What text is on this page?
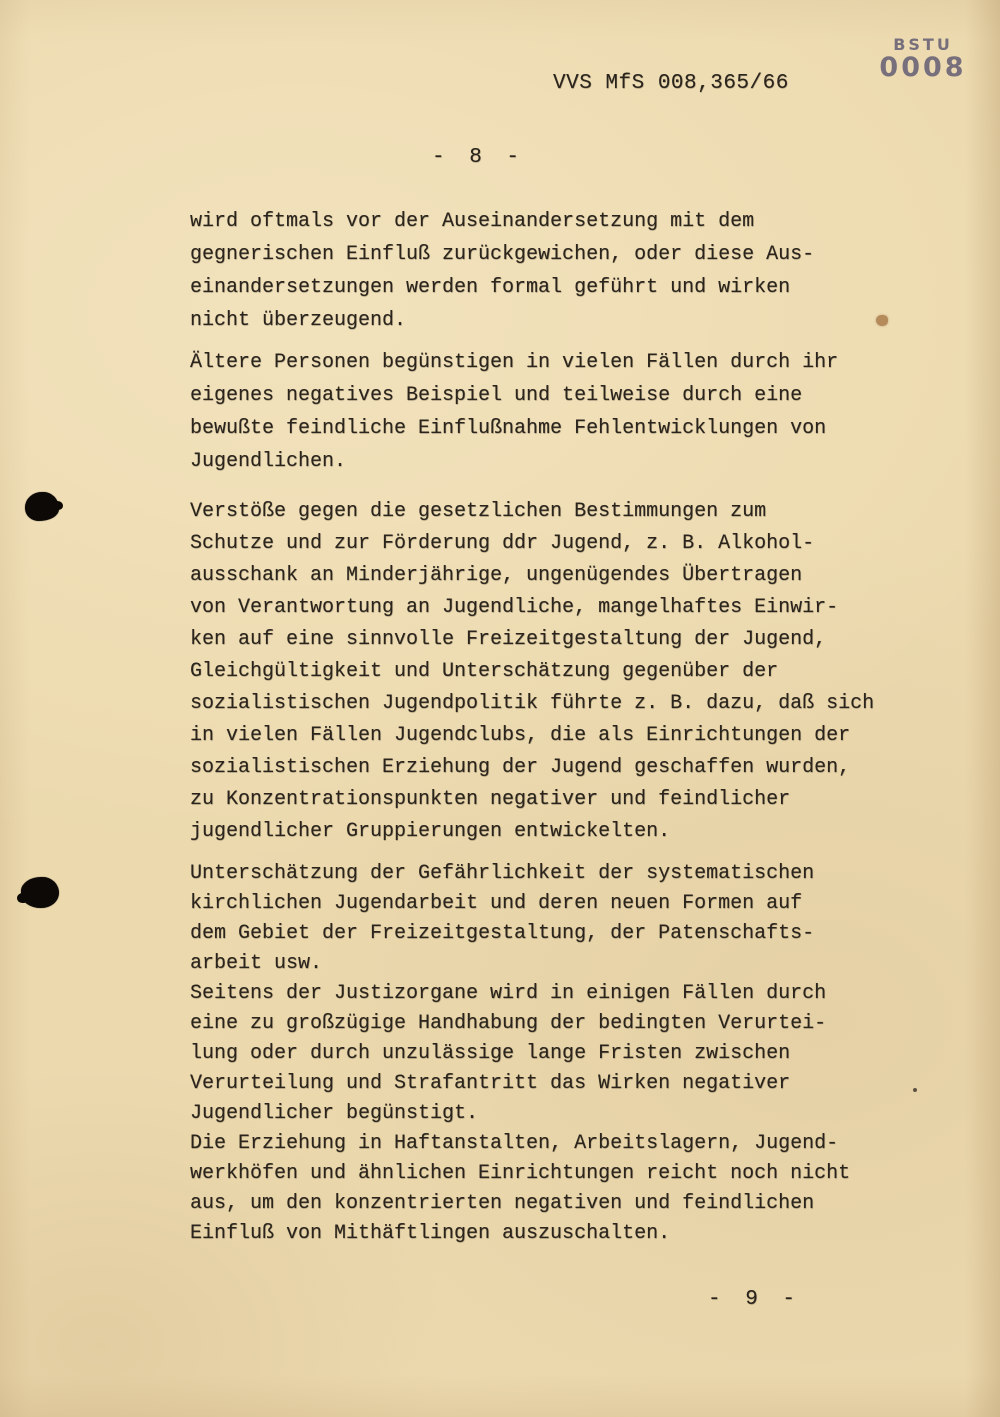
BSTU
0008
VVS MfS 008,365/66
- 8 -

wird oftmals vor der Auseinandersetzung mit dem
gegnerischen Einfluß zurückgewichen, oder diese Aus-
einandersetzungen werden formal geführt und wirken
nicht überzeugend.

Ältere Personen begünstigen in vielen Fällen durch ihr
eigenes negatives Beispiel und teilweise durch eine
bewußte feindliche Einflußnahme Fehlentwicklungen von
Jugendlichen.

Verstöße gegen die gesetzlichen Bestimmungen zum
Schutze und zur Förderung ddr Jugend, z. B. Alkohol-
ausschank an Minderjährige, ungenügendes Übertragen
von Verantwortung an Jugendliche, mangelhaftes Einwir-
ken auf eine sinnvolle Freizeitgestaltung der Jugend,
Gleichgültigkeit und Unterschätzung gegenüber der
sozialistischen Jugendpolitik führte z. B. dazu, daß sich
in vielen Fällen Jugendclubs, die als Einrichtungen der
sozialistischen Erziehung der Jugend geschaffen wurden,
zu Konzentrationspunkten negativer und feindlicher
jugendlicher Gruppierungen entwickelten.

Unterschätzung der Gefährlichkeit der systematischen
kirchlichen Jugendarbeit und deren neuen Formen auf
dem Gebiet der Freizeitgestaltung, der Patenschafts-
arbeit usw.

Seitens der Justizorgane wird in einigen Fällen durch
eine zu großzügige Handhabung der bedingten Verurtei-
lung oder durch unzulässige lange Fristen zwischen
Verurteilung und Strafantritt das Wirken negativer
Jugendlicher begünstigt.

Die Erziehung in Haftanstalten, Arbeitslagern, Jugend-
werkhöfen und ähnlichen Einrichtungen reicht noch nicht
aus, um den konzentrierten negativen und feindlichen
Einfluß von Mithäftlingen auszuschalten.

- 9 -
